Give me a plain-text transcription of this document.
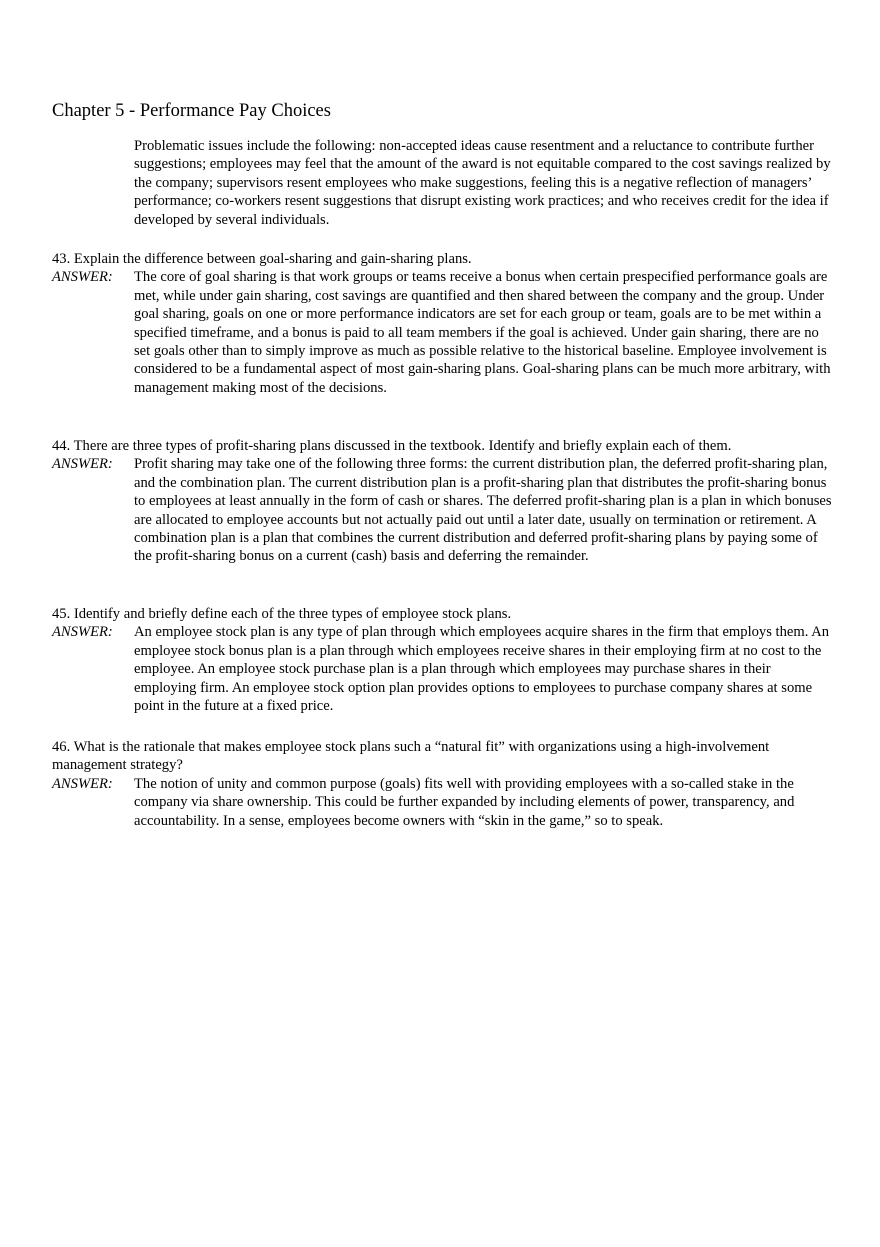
Chapter 5 - Performance Pay Choices
Problematic issues include the following: non-accepted ideas cause resentment and a reluctance to contribute further suggestions; employees may feel that the amount of the award is not equitable compared to the cost savings realized by the company; supervisors resent employees who make suggestions, feeling this is a negative reflection of managers’ performance; co-workers resent suggestions that disrupt existing work practices; and who receives credit for the idea if developed by several individuals.
43. Explain the difference between goal-sharing and gain-sharing plans.
ANSWER: The core of goal sharing is that work groups or teams receive a bonus when certain prespecified performance goals are met, while under gain sharing, cost savings are quantified and then shared between the company and the group. Under goal sharing, goals on one or more performance indicators are set for each group or team, goals are to be met within a specified timeframe, and a bonus is paid to all team members if the goal is achieved. Under gain sharing, there are no set goals other than to simply improve as much as possible relative to the historical baseline. Employee involvement is considered to be a fundamental aspect of most gain-sharing plans. Goal-sharing plans can be much more arbitrary, with management making most of the decisions.
44. There are three types of profit-sharing plans discussed in the textbook. Identify and briefly explain each of them.
ANSWER: Profit sharing may take one of the following three forms: the current distribution plan, the deferred profit-sharing plan, and the combination plan. The current distribution plan is a profit-sharing plan that distributes the profit-sharing bonus to employees at least annually in the form of cash or shares. The deferred profit-sharing plan is a plan in which bonuses are allocated to employee accounts but not actually paid out until a later date, usually on termination or retirement. A combination plan is a plan that combines the current distribution and deferred profit-sharing plans by paying some of the profit-sharing bonus on a current (cash) basis and deferring the remainder.
45. Identify and briefly define each of the three types of employee stock plans.
ANSWER: An employee stock plan is any type of plan through which employees acquire shares in the firm that employs them. An employee stock bonus plan is a plan through which employees receive shares in their employing firm at no cost to the employee. An employee stock purchase plan is a plan through which employees may purchase shares in their employing firm. An employee stock option plan provides options to employees to purchase company shares at some point in the future at a fixed price.
46. What is the rationale that makes employee stock plans such a “natural fit” with organizations using a high-involvement management strategy?
ANSWER: The notion of unity and common purpose (goals) fits well with providing employees with a so-called stake in the company via share ownership. This could be further expanded by including elements of power, transparency, and accountability. In a sense, employees become owners with “skin in the game,” so to speak.
